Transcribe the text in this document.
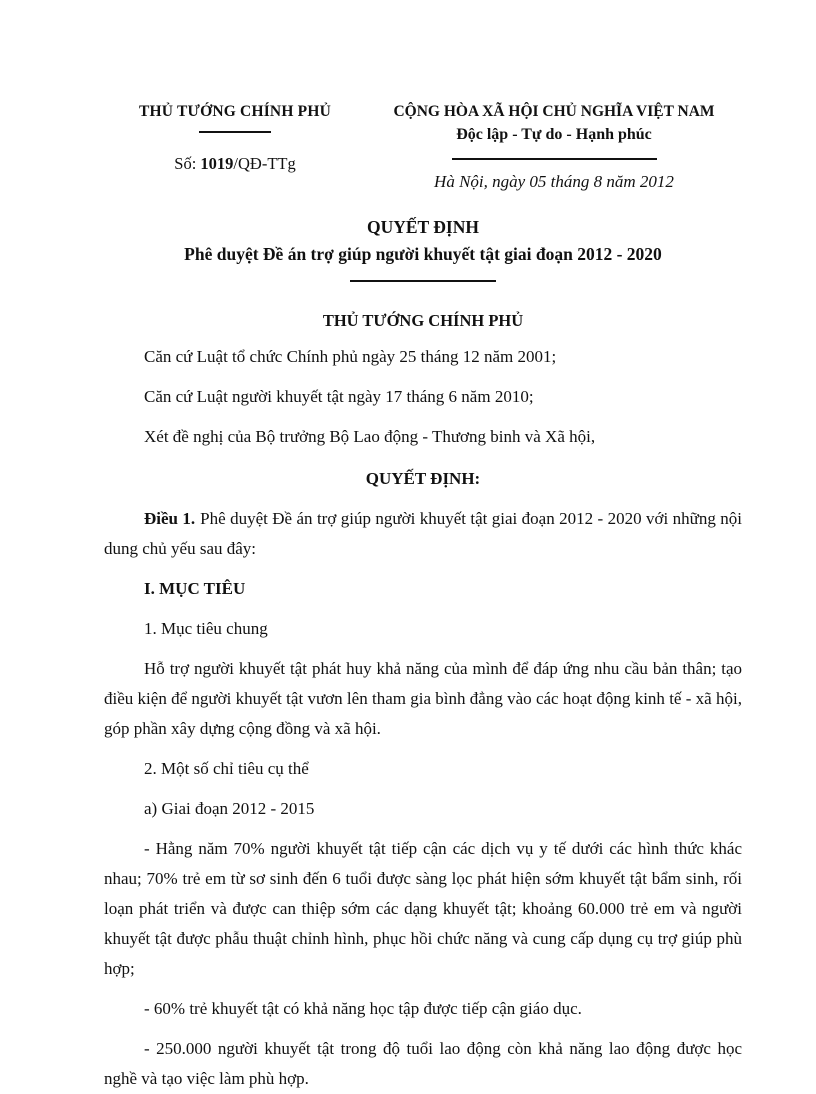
THỦ TƯỚNG CHÍNH PHỦ
Số: 1019/QĐ-TTg
CỘNG HÒA XÃ HỘI CHỦ NGHĨA VIỆT NAM
Độc lập - Tự do - Hạnh phúc
Hà Nội, ngày 05 tháng 8 năm 2012
QUYẾT ĐỊNH
Phê duyệt Đề án trợ giúp người khuyết tật giai đoạn 2012 - 2020
THỦ TƯỚNG CHÍNH PHỦ

Căn cứ Luật tổ chức Chính phủ ngày 25 tháng 12 năm 2001;

Căn cứ Luật người khuyết tật ngày 17 tháng 6 năm 2010;

Xét đề nghị của Bộ trưởng Bộ Lao động - Thương binh và Xã hội,

QUYẾT ĐỊNH:

Điều 1. Phê duyệt Đề án trợ giúp người khuyết tật giai đoạn 2012 - 2020 với những nội dung chủ yếu sau đây:

I. MỤC TIÊU

1. Mục tiêu chung

Hỗ trợ người khuyết tật phát huy khả năng của mình để đáp ứng nhu cầu bản thân; tạo điều kiện để người khuyết tật vươn lên tham gia bình đẳng vào các hoạt động kinh tế - xã hội, góp phần xây dựng cộng đồng và xã hội.

2. Một số chỉ tiêu cụ thể

a) Giai đoạn 2012 - 2015

- Hằng năm 70% người khuyết tật tiếp cận các dịch vụ y tế dưới các hình thức khác nhau; 70% trẻ em từ sơ sinh đến 6 tuổi được sàng lọc phát hiện sớm khuyết tật bẩm sinh, rối loạn phát triển và được can thiệp sớm các dạng khuyết tật; khoảng 60.000 trẻ em và người khuyết tật được phẫu thuật chỉnh hình, phục hồi chức năng và cung cấp dụng cụ trợ giúp phù hợp;

- 60% trẻ khuyết tật có khả năng học tập được tiếp cận giáo dục.

- 250.000 người khuyết tật trong độ tuổi lao động còn khả năng lao động được học nghề và tạo việc làm phù hợp.
